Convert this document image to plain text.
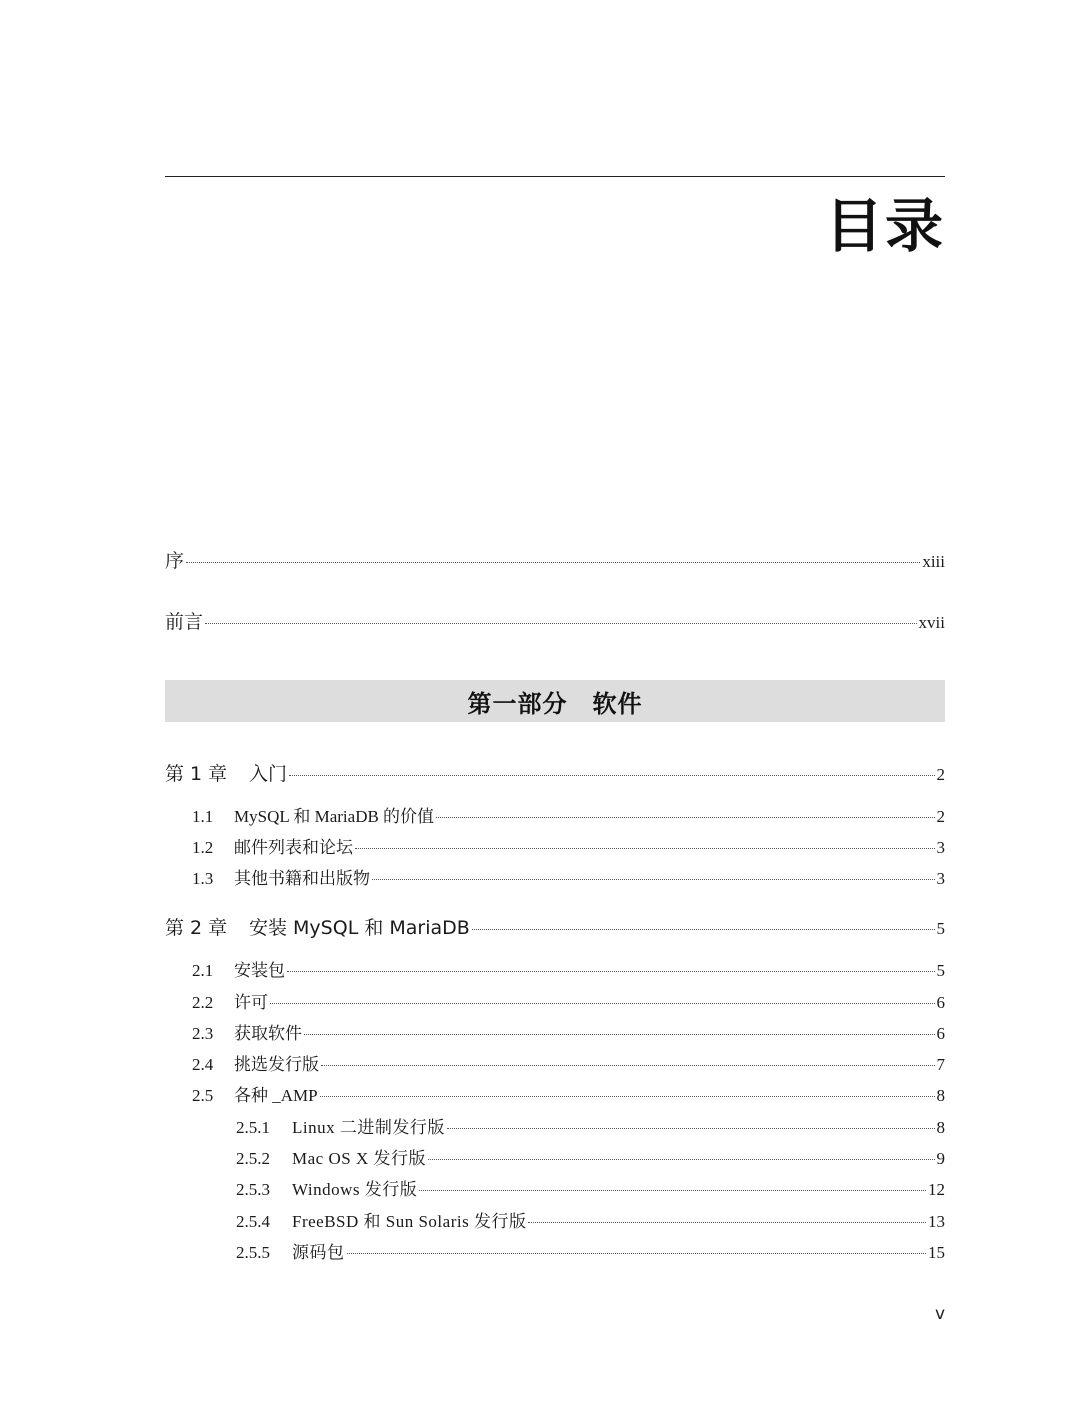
目录
序	xiii
前言	xvii
第一部分　软件
第 1 章	入门	2
1.1	MySQL 和 MariaDB 的价值	2
1.2	邮件列表和论坛	3
1.3	其他书籍和出版物	3
第 2 章	安装 MySQL 和 MariaDB	5
2.1	安装包	5
2.2	许可	6
2.3	获取软件	6
2.4	挑选发行版	7
2.5	各种 _AMP	8
2.5.1	Linux 二进制发行版	8
2.5.2	Mac OS X 发行版	9
2.5.3	Windows 发行版	12
2.5.4	FreeBSD 和 Sun Solaris 发行版	13
2.5.5	源码包	15
v
